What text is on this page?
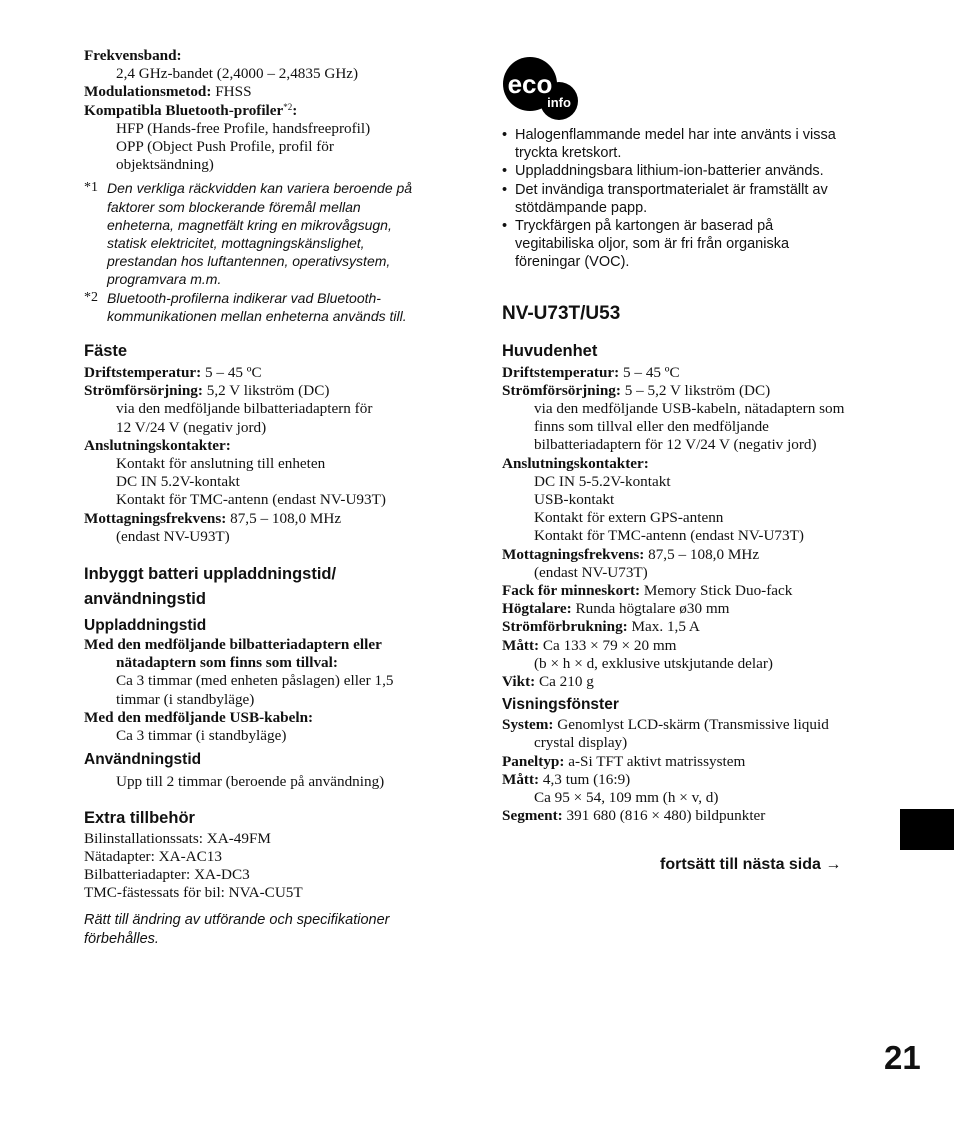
Frekvensband:

2,4 GHz-bandet (2,4000 – 2,4835 GHz)

Modulationsmetod: FHSS

Kompatibla Bluetooth-profiler$^{*2}$:

HFP (Hands-free Profile, handsfreeprofil)

OPP (Object Push Profile, profil för

objektsändning)

*1 Den verkliga räckvidden kan variera beroende på

faktorer som blockerande föremål mellan

enheterna, magnetfält kring en mikrovågsugn,

statisk elektricitet, mottagningskänslighet,

prestandan hos luftantennen, operativsystem,

programvara m.m.

*2 Bluetooth-profilerna indikerar vad Bluetooth-

kommunikationen mellan enheterna används till.

Fäste

Driftstemperatur: 5 – 45 ºC

Strömförsörjning: 5,2 V likström (DC)

via den medföljande bilbatteriadaptern för

12 V/24 V (negativ jord)

Anslutningskontakter:

Kontakt för anslutning till enheten

DC IN 5.2V-kontakt

Kontakt för TMC-antenn (endast NV-U93T)

Mottagningsfrekvens: 87,5 – 108,0 MHz

(endast NV-U93T)

Inbyggt batteri uppladdningstid/
användningstid
Uppladdningstid

Med den medföljande bilbatteriadaptern eller

nätadaptern som finns som tillval:

Ca 3 timmar (med enheten påslagen) eller 1,5

timmar (i standbyläge)

Med den medföljande USB-kabeln:

Ca 3 timmar (i standbyläge)

Användningstid

Upp till 2 timmar (beroende på användning)

Extra tillbehör

Bilinstallationssats: XA-49FM

Nätadapter: XA-AC13

Bilbatteriadapter: XA-DC3

TMC-fästessats för bil: NVA-CU5T

Rätt till ändring av utförande och specifikationer
förbehålles.
eco
info
• Halogenflammande medel har inte använts i vissa

tryckta kretskort.

• Uppladdningsbara lithium-ion-batterier används.

• Det invändiga transportmaterialet är framställt av

stötdämpande papp.

• Tryckfärgen på kartongen är baserad på

vegitabiliska oljor, som är fri från organiska

föreningar (VOC).

NV-U73T/U53
Huvudenhet

Driftstemperatur: 5 – 45 ºC

Strömförsörjning: 5 – 5,2 V likström (DC)

via den medföljande USB-kabeln, nätadaptern som

finns som tillval eller den medföljande

bilbatteriadaptern för 12 V/24 V (negativ jord)

Anslutningskontakter:

DC IN 5-5.2V-kontakt

USB-kontakt

Kontakt för extern GPS-antenn

Kontakt för TMC-antenn (endast NV-U73T)

Mottagningsfrekvens: 87,5 – 108,0 MHz

(endast NV-U73T)

Fack för minneskort: Memory Stick Duo-fack

Högtalare: Runda högtalare ø30 mm

Strömförbrukning: Max. 1,5 A

Mått: Ca 133 × 79 × 20 mm

(b × h × d, exklusive utskjutande delar)

Vikt: Ca 210 g

Visningsfönster

System: Genomlyst LCD-skärm (Transmissive liquid

crystal display)

Paneltyp: a-Si TFT aktivt matrissystem

Mått: 4,3 tum (16:9)

Ca 95 × 54, 109 mm (h × v, d)

Segment: 391 680 (816 × 480) bildpunkter

fortsätt till nästa sida →
21
